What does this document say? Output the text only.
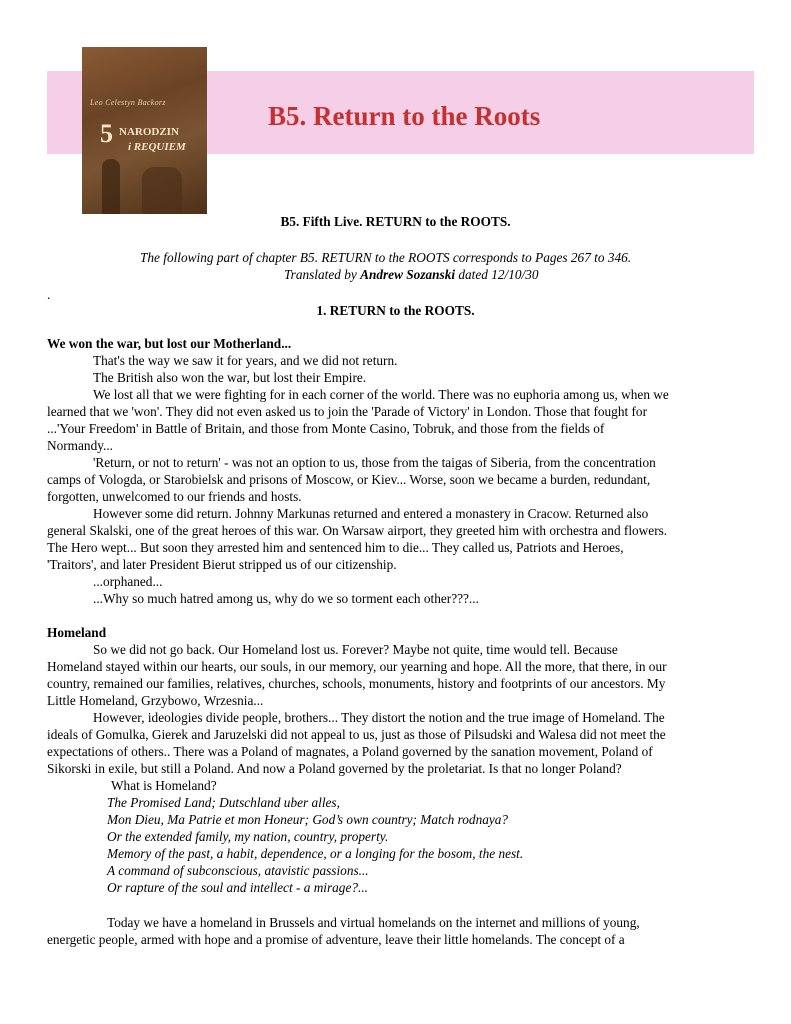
B5. Return to the Roots
Leo Celestyn Backorz
5 NARODZIN
i REQUIEM
B5. Fifth Live. RETURN to the ROOTS.
The following part of chapter B5. RETURN to the ROOTS corresponds to Pages 267 to 346.
Translated by Andrew Sozanski dated 12/10/30
.
1. RETURN to the ROOTS.
We won the war, but lost our Motherland...
That's the way we saw it for years, and we did not return.
The British also won the war, but lost their Empire.
We lost all that we were fighting for in each corner of the world. There was no euphoria among us, when we
learned that we 'won'. They did not even asked us to join the 'Parade of Victory' in London. Those that fought for
...'Your Freedom' in Battle of Britain, and those from Monte Casino, Tobruk, and those from the fields of
Normandy...
'Return, or not to return' - was not an option to us, those from the taigas of Siberia, from the concentration
camps of Vologda, or Starobielsk and prisons of Moscow, or Kiev... Worse, soon we became a burden, redundant,
forgotten, unwelcomed to our friends and hosts.
However some did return. Johnny Markunas returned and entered a monastery in Cracow. Returned also
general Skalski, one of the great heroes of this war. On Warsaw airport, they greeted him with orchestra and flowers.
The Hero wept... But soon they arrested him and sentenced him to die... They called us, Patriots and Heroes,
'Traitors', and later President Bierut stripped us of our citizenship.
...orphaned...
...Why so much hatred among us, why do we so torment each other???...
Homeland
So we did not go back. Our Homeland lost us. Forever? Maybe not quite, time would tell. Because
Homeland stayed within our hearts, our souls, in our memory, our yearning and hope. All the more, that there, in our
country, remained our families, relatives, churches, schools, monuments, history and footprints of our ancestors. My
Little Homeland, Grzybowo, Wrzesnia...
However, ideologies divide people, brothers... They distort the notion and the true image of Homeland. The
ideals of Gomulka, Gierek and Jaruzelski did not appeal to us, just as those of Pilsudski and Walesa did not meet the
expectations of others.. There was a Poland of magnates, a Poland governed by the sanation movement, Poland of
Sikorski in exile, but still a Poland. And now a Poland governed by the proletariat. Is that no longer Poland?
What is Homeland?
The Promised Land; Dutschland uber alles,
Mon Dieu, Ma Patrie et mon Honeur; God’s own country; Match rodnaya?
Or the extended family, my nation, country, property.
Memory of the past, a habit, dependence, or a longing for the bosom, the nest.
A command of subconscious, atavistic passions...
Or rapture of the soul and intellect - a mirage?...
Today we have a homeland in Brussels and virtual homelands on the internet and millions of young,
energetic people, armed with hope and a promise of adventure, leave their little homelands. The concept of a
